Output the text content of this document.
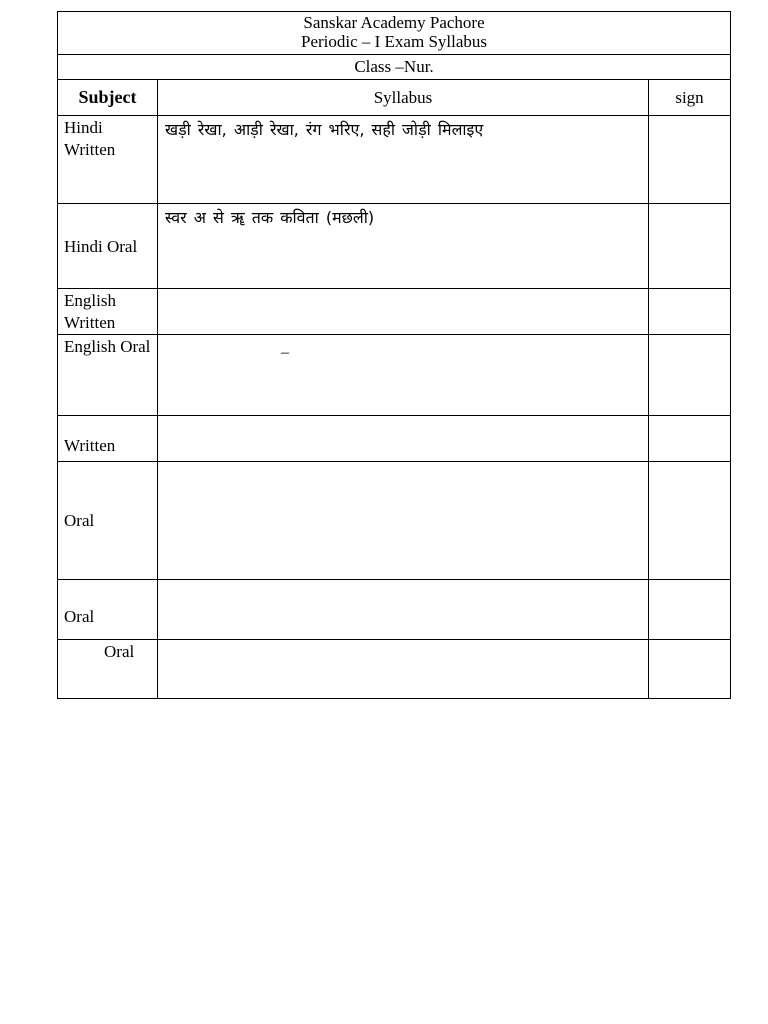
Sanskar Academy Pachore
Periodic – I Exam Syllabus		

Class –Nur.		
Subject	Syllabus	sign
Hindi Written	खड़ी रेखा, आड़ी रेखा, रंग भरिए, सही जोड़ी मिलाइए	
Hindi Oral	स्वर अ से ॠ तक कविता (मछली)	
English Written		
English Oral	–	
Written		
Oral		
Oral		
Oral		
